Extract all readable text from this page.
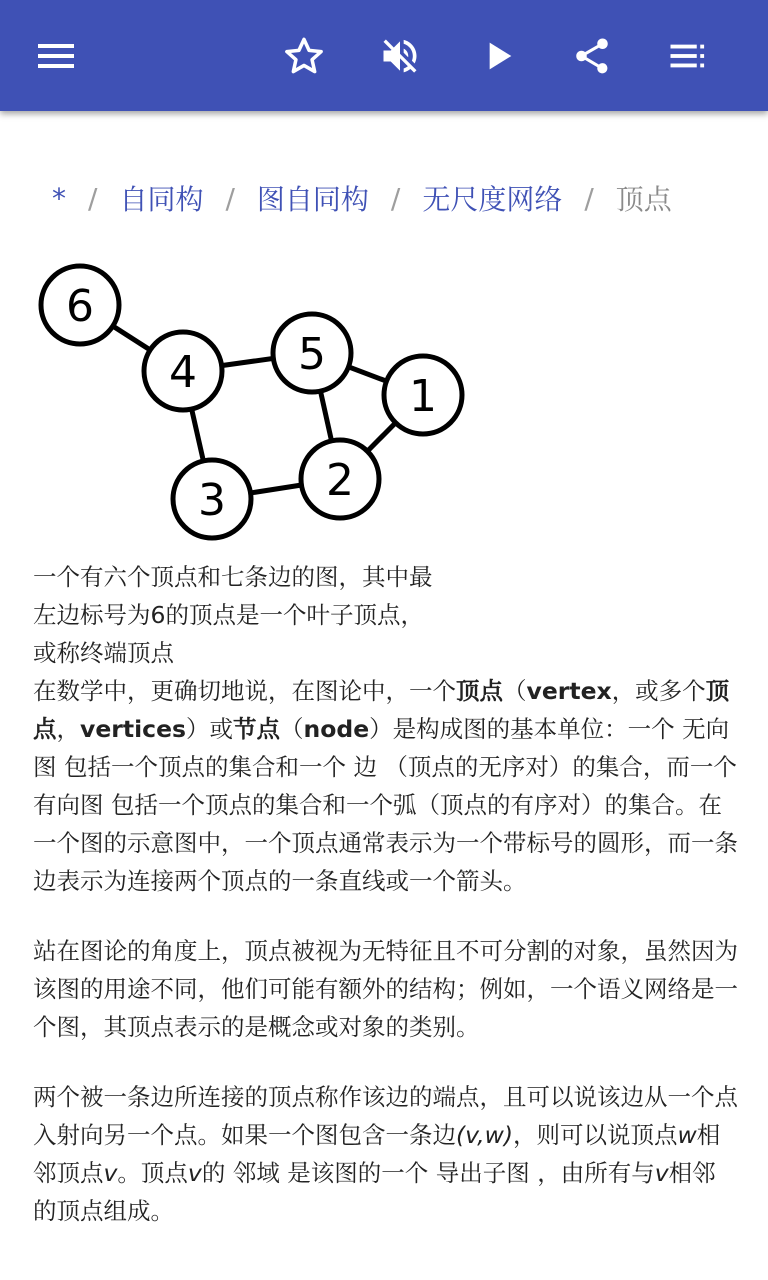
* / 自同构 / 图自同构 / 无尺度网络 / 顶点
6
4 5
1
3 2
一个有六个顶点和七条边的图，其中最
左边标号为6的顶点是一个叶子顶点，
或称终端顶点

在数学中，更确切地说，在图论中，一个顶点（vertex，或多个顶点，vertices）或节点（node）是构成图的基本单位：一个 无向图 包括一个顶点的集合和一个 边 （顶点的无序对）的集合，而一个 有向图 包括一个顶点的集合和一个弧（顶点的有序对）的集合。在一个图的示意图中，一个顶点通常表示为一个带标号的圆形，而一条边表示为连接两个顶点的一条直线或一个箭头。

站在图论的角度上，顶点被视为无特征且不可分割的对象，虽然因为该图的用途不同，他们可能有额外的结构；例如，一个语义网络是一个图，其顶点表示的是概念或对象的类别。

两个被一条边所连接的顶点称作该边的端点，且可以说该边从一个点入射向另一个点。如果一个图包含一条边(v,w)，则可以说顶点w相邻顶点v。顶点v的 邻域 是该图的一个 导出子图 ，由所有与v相邻的顶点组成。
